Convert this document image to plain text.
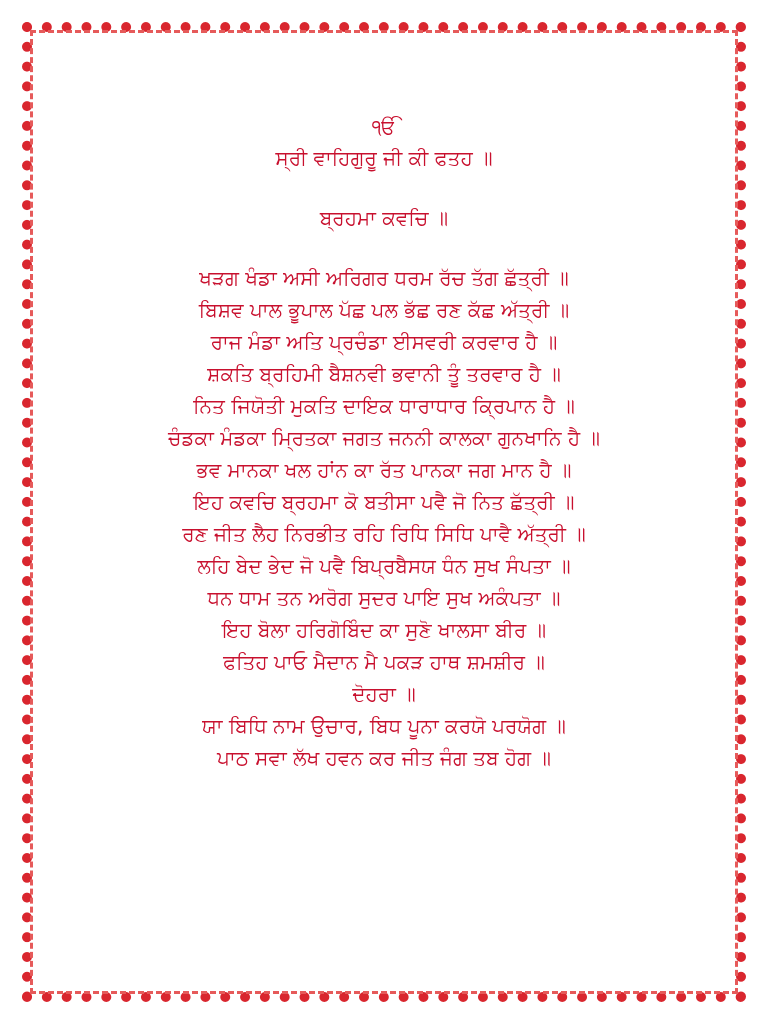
ੴ

ਸ੍ਰੀ ਵਾਹਿਗੁਰੂ ਜੀ ਕੀ ਫਤਹ ॥

ਬ੍ਰਹਮਾ ਕਵਚਿ ॥

ਖੜਗ ਖੰਡਾ ਅਸੀ ਅਰਿਗਰ ਧਰਮ ਰੱਚ ਤੱਗ ਛੱਤ੍ਰੀ ॥

ਬਿਸ਼ਵ ਪਾਲ ਭੂਪਾਲ ਪੱਛ ਪਲ ਭੱਛ ਰਣ ਕੱਛ ਅੱਤ੍ਰੀ ॥

ਰਾਜ ਮੰਡਾ ਅਤਿ ਪ੍ਰਚੰਡਾ ਈਸਵਰੀ ਕਰਵਾਰ ਹੈ ॥

ਸ਼ਕਤਿ ਬ੍ਰਹਿਮੀ ਬੈਸ਼ਨਵੀ ਭਵਾਨੀ ਤੂੰ ਤਰਵਾਰ ਹੈ ॥

ਨਿਤ ਜਿਯੋਤੀ ਮੁਕਤਿ ਦਾਇਕ ਧਾਰਾਧਾਰ ਕ੍ਰਿਪਾਨ ਹੈ ॥

ਚੰਡਕਾ ਮੰਡਕਾ ਮ੍ਰਿਤਕਾ ਜਗਤ ਜਨਨੀ ਕਾਲਕਾ ਗੁਨਖਾਨਿ ਹੈ ॥

ਭਵ ਮਾਨਕਾ ਖਲ ਹਾਂਨ ਕਾ ਰੱਤ ਪਾਨਕਾ ਜਗ ਮਾਨ ਹੈ ॥

ਇਹ ਕਵਚਿ ਬ੍ਰਹਮਾ ਕੋ ਬਤੀਸਾ ਪਵੈ ਜੋ ਨਿਤ ਛੱਤ੍ਰੀ ॥

ਰਣ ਜੀਤ ਲੈਹ ਨਿਰਭੀਤ ਰਹਿ ਰਿਧਿ ਸਿਧਿ ਪਾਵੈ ਅੱਤ੍ਰੀ ॥

ਲਹਿ ਬੇਦ ਭੇਦ ਜੋ ਪਵੈ ਬਿਪ੍ਰਬੈਸਯ ਧੰਨ ਸੁਖ ਸੰਪਤਾ ॥

ਧਨ ਧਾਮ ਤਨ ਅਰੋਗ ਸੁਦਰ ਪਾਇ ਸੁਖ ਅਕੰਪਤਾ ॥

ਇਹ ਬੋਲਾ ਹਰਿਗੋਬਿੰਦ ਕਾ ਸੁਣੋ ਖਾਲਸਾ ਬੀਰ ॥

ਫਤਿਹ ਪਾਓ ਮੈਦਾਨ ਮੈ ਪਕੜ ਹਾਥ ਸ਼ਮਸ਼ੀਰ ॥

ਦੋਹਰਾ ॥

ਯਾ ਬਿਧਿ ਨਾਮ ਉਚਾਰ, ਬਿਧ ਪੂਨਾ ਕਰਯੋ ਪਰਯੋਗ ॥

ਪਾਠ ਸਵਾ ਲੱਖ ਹਵਨ ਕਰ ਜੀਤ ਜੰਗ ਤਬ ਹੋਗ ॥
